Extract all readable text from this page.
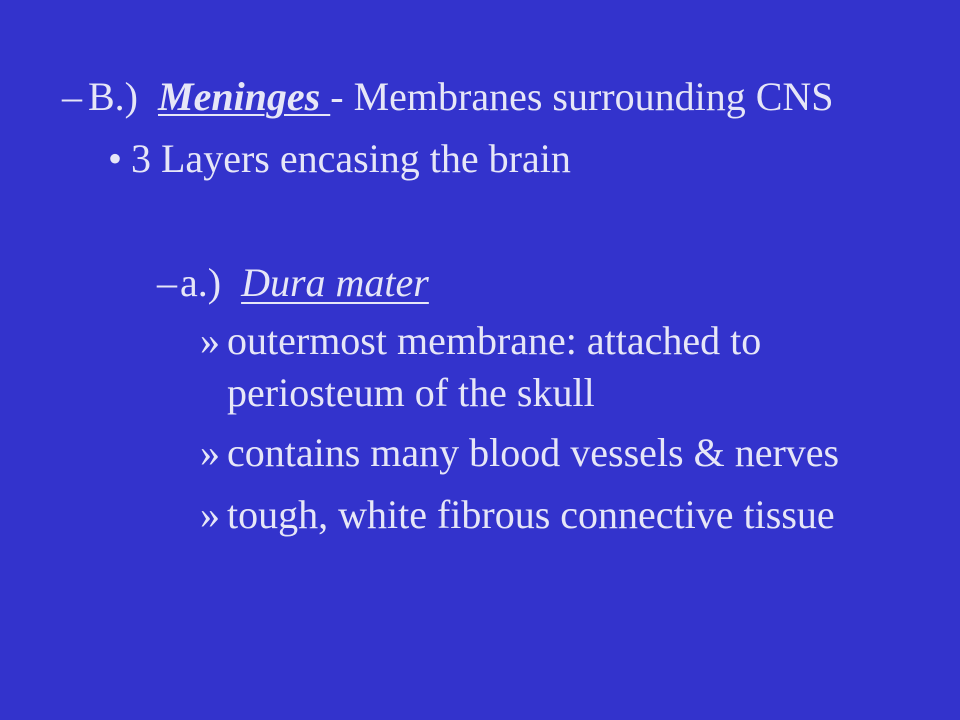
– B.)  Meninges - Membranes surrounding CNS
• 3 Layers encasing the brain
– a.)  Dura mater
» outermost membrane: attached to
periosteum of the skull
» contains many blood vessels & nerves
» tough, white fibrous connective tissue
